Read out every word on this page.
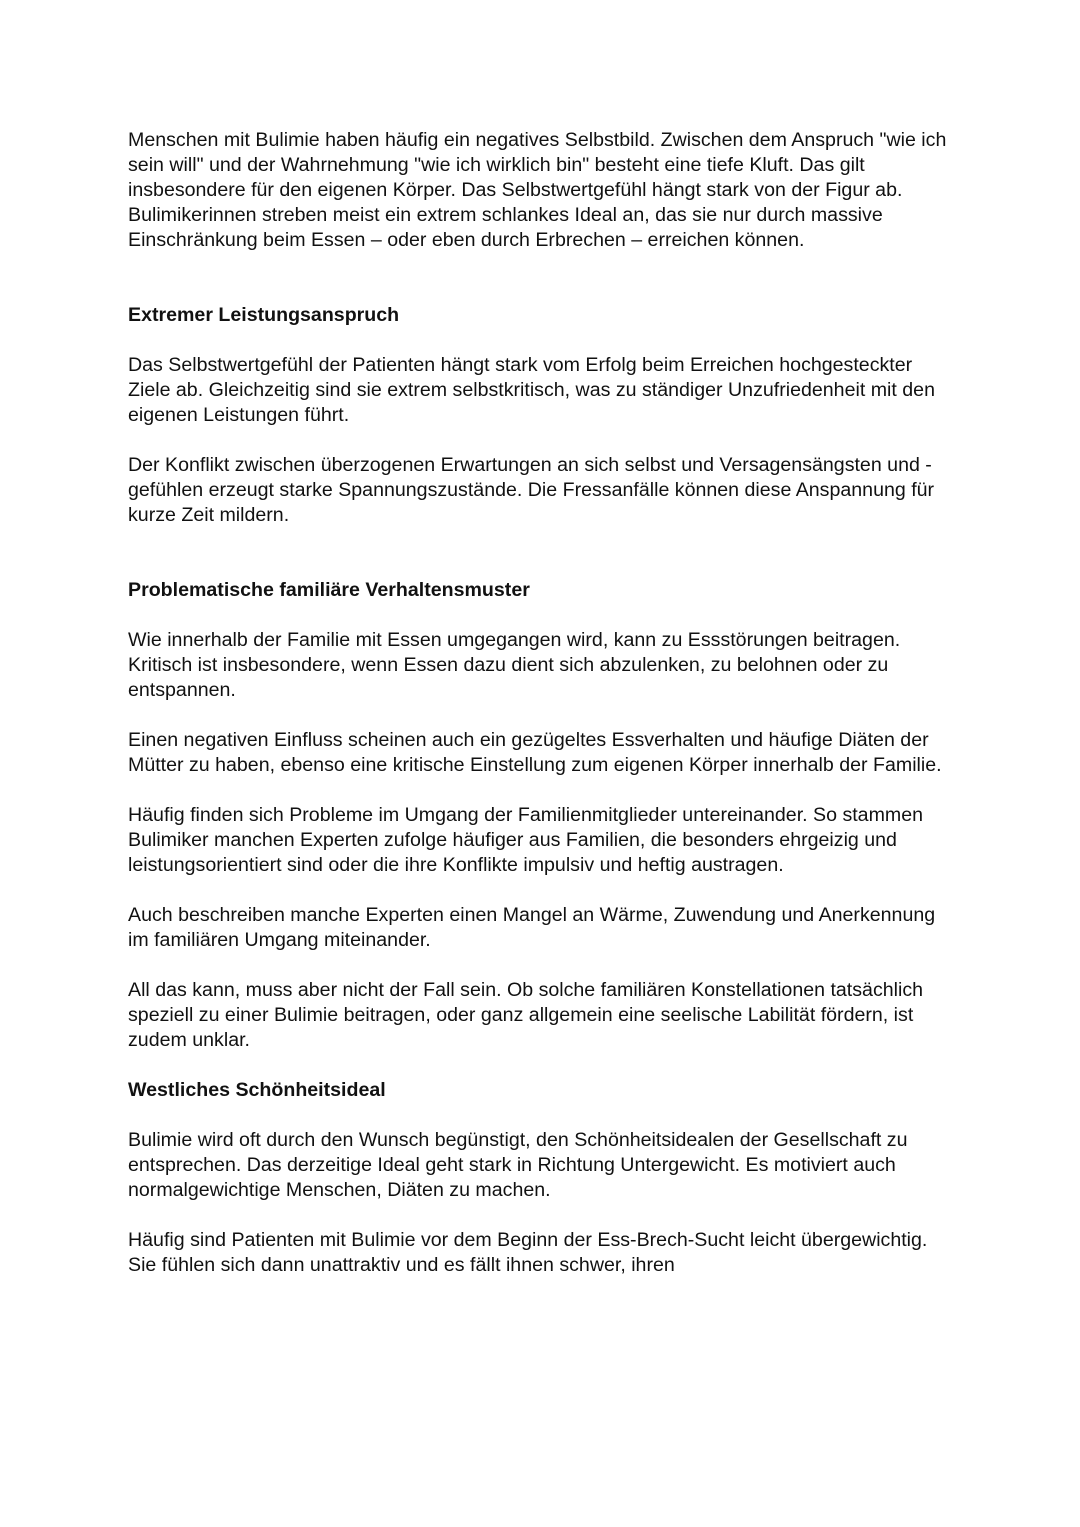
Menschen mit Bulimie haben häufig ein negatives Selbstbild. Zwischen dem Anspruch "wie ich sein will" und der Wahrnehmung "wie ich wirklich bin" besteht eine tiefe Kluft. Das gilt insbesondere für den eigenen Körper. Das Selbstwertgefühl hängt stark von der Figur ab. Bulimikerinnen streben meist ein extrem schlankes Ideal an, das sie nur durch massive Einschränkung beim Essen – oder eben durch Erbrechen – erreichen können.

Extremer Leistungsanspruch

Das Selbstwertgefühl der Patienten hängt stark vom Erfolg beim Erreichen hochgesteckter Ziele ab. Gleichzeitig sind sie extrem selbstkritisch, was zu ständiger Unzufriedenheit mit den eigenen Leistungen führt.

Der Konflikt zwischen überzogenen Erwartungen an sich selbst und Versagensängsten und -gefühlen erzeugt starke Spannungszustände. Die Fressanfälle können diese Anspannung für kurze Zeit mildern.

Problematische familiäre Verhaltensmuster

Wie innerhalb der Familie mit Essen umgegangen wird, kann zu Essstörungen beitragen. Kritisch ist insbesondere, wenn Essen dazu dient sich abzulenken, zu belohnen oder zu entspannen.

Einen negativen Einfluss scheinen auch ein gezügeltes Essverhalten und häufige Diäten der Mütter zu haben, ebenso eine kritische Einstellung zum eigenen Körper innerhalb der Familie.

Häufig finden sich Probleme im Umgang der Familienmitglieder untereinander. So stammen Bulimiker manchen Experten zufolge häufiger aus Familien, die besonders ehrgeizig und leistungsorientiert sind oder die ihre Konflikte impulsiv und heftig austragen.

Auch beschreiben manche Experten einen Mangel an Wärme, Zuwendung und Anerkennung im familiären Umgang miteinander.

All das kann, muss aber nicht der Fall sein. Ob solche familiären Konstellationen tatsächlich speziell zu einer Bulimie beitragen, oder ganz allgemein eine seelische Labilität fördern, ist zudem unklar.

Westliches Schönheitsideal

Bulimie wird oft durch den Wunsch begünstigt, den Schönheitsidealen der Gesellschaft zu entsprechen. Das derzeitige Ideal geht stark in Richtung Untergewicht. Es motiviert auch normalgewichtige Menschen, Diäten zu machen.

Häufig sind Patienten mit Bulimie vor dem Beginn der Ess-Brech-Sucht leicht übergewichtig. Sie fühlen sich dann unattraktiv und es fällt ihnen schwer, ihren
